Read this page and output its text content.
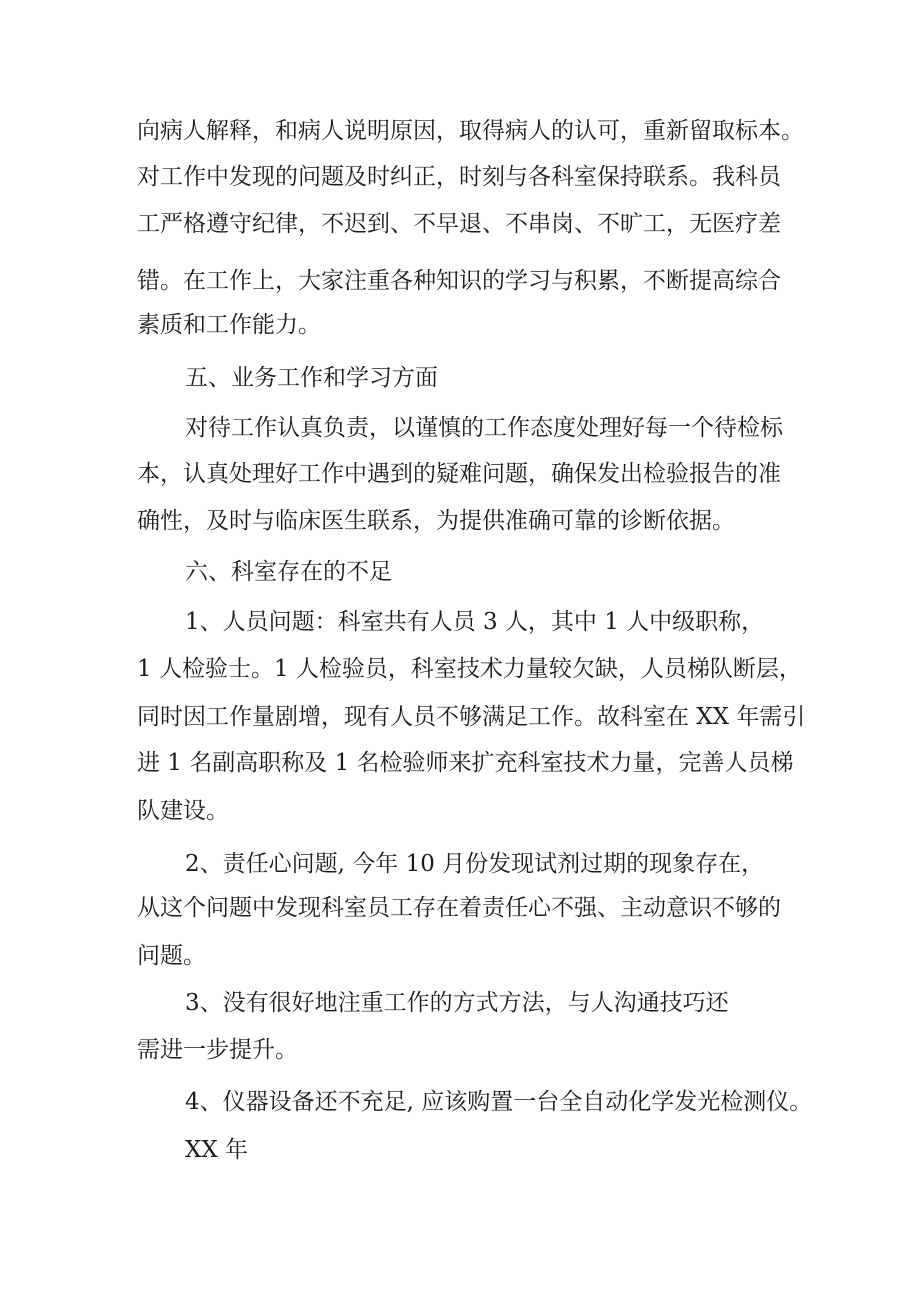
向病人解释，和病人说明原因，取得病人的认可，重新留取标本。
对工作中发现的问题及时纠正，时刻与各科室保持联系。我科员
工严格遵守纪律，不迟到、不早退、不串岗、不旷工，无医疗差
错。在工作上，大家注重各种知识的学习与积累，不断提高综合
素质和工作能力。
五、业务工作和学习方面
对待工作认真负责，以谨慎的工作态度处理好每一个待检标
本，认真处理好工作中遇到的疑难问题，确保发出检验报告的准
确性，及时与临床医生联系，为提供准确可靠的诊断依据。
六、科室存在的不足
1、人员问题：科室共有人员 3 人，其中 1 人中级职称，
1 人检验士。1 人检验员，科室技术力量较欠缺，人员梯队断层，
同时因工作量剧增，现有人员不够满足工作。故科室在 XX 年需引
进 1 名副高职称及 1 名检验师来扩充科室技术力量，完善人员梯
队建设。
2、责任心问题, 今年 10 月份发现试剂过期的现象存在，
从这个问题中发现科室员工存在着责任心不强、主动意识不够的
问题。
3、没有很好地注重工作的方式方法，与人沟通技巧还
需进一步提升。
4、仪器设备还不充足, 应该购置一台全自动化学发光检测仪。
XX 年
